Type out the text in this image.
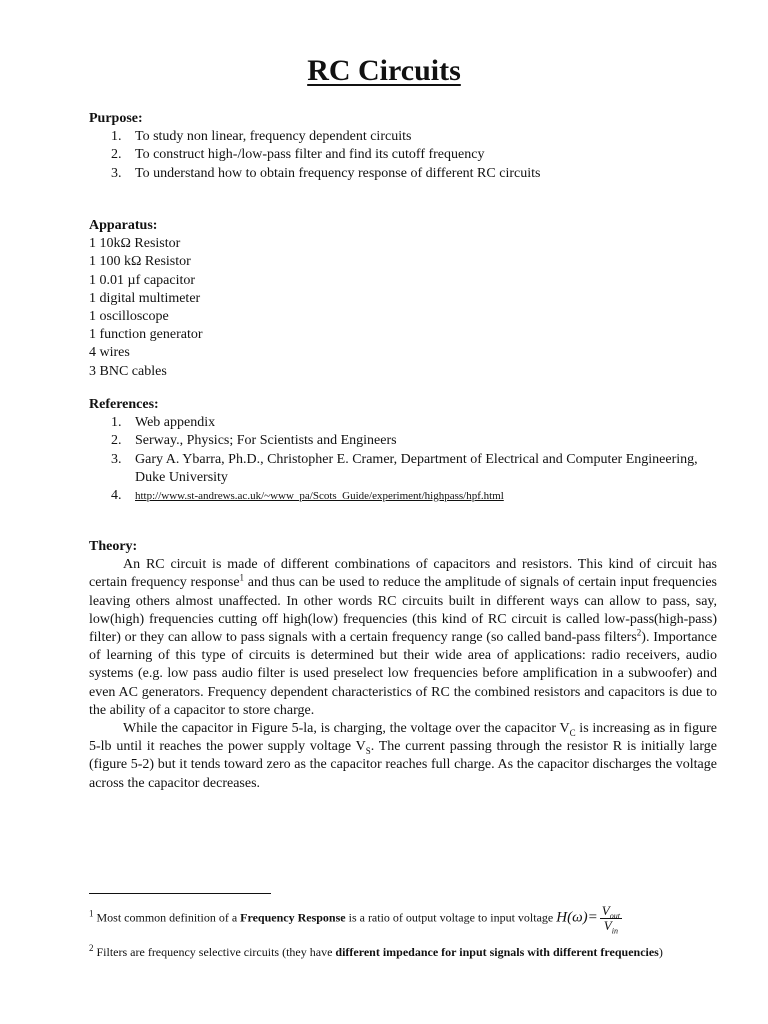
RC Circuits
Purpose:
1. To study non linear, frequency dependent circuits
2. To construct high-/low-pass filter and find its cutoff frequency
3. To understand how to obtain frequency response of different RC circuits
Apparatus:
1 10kΩ Resistor
1 100 kΩ Resistor
1 0.01 µf capacitor
1 digital multimeter
1 oscilloscope
1 function generator
4 wires
3 BNC cables
References:
1. Web appendix
2. Serway., Physics; For Scientists and Engineers
3. Gary A. Ybarra, Ph.D., Christopher E. Cramer, Department of Electrical and Computer Engineering, Duke University
4. http://www.st-andrews.ac.uk/~www_pa/Scots_Guide/experiment/highpass/hpf.html
Theory:

An RC circuit is made of different combinations of capacitors and resistors. This kind of circuit has certain frequency response$^1$ and thus can be used to reduce the amplitude of signals of certain input frequencies leaving others almost unaffected. In other words RC circuits built in different ways can allow to pass, say, low(high) frequencies cutting off high(low) frequencies (this kind of RC circuit is called low-pass(high-pass) filter) or they can allow to pass signals with a certain frequency range (so called band-pass filters$^2$). Importance of learning of this type of circuits is determined but their wide area of applications: radio receivers, audio systems (e.g. low pass audio filter is used preselect low frequencies before amplification in a subwoofer) and even AC generators. Frequency dependent characteristics of RC the combined resistors and capacitors is due to the ability of a capacitor to store charge.

While the capacitor in Figure 5-la, is charging, the voltage over the capacitor $V_C$ is increasing as in figure 5-lb until it reaches the power supply voltage $V_S$. The current passing through the resistor R is initially large (figure 5-2) but it tends toward zero as the capacitor reaches full charge. As the capacitor discharges the voltage across the capacitor decreases.

$^1$ Most common definition of a Frequency Response is a ratio of output voltage to input voltage $H(\omega)= \frac{V_{out}}{V_{in}}$
$^2$ Filters are frequency selective circuits (they have different impedance for input signals with different frequencies)
